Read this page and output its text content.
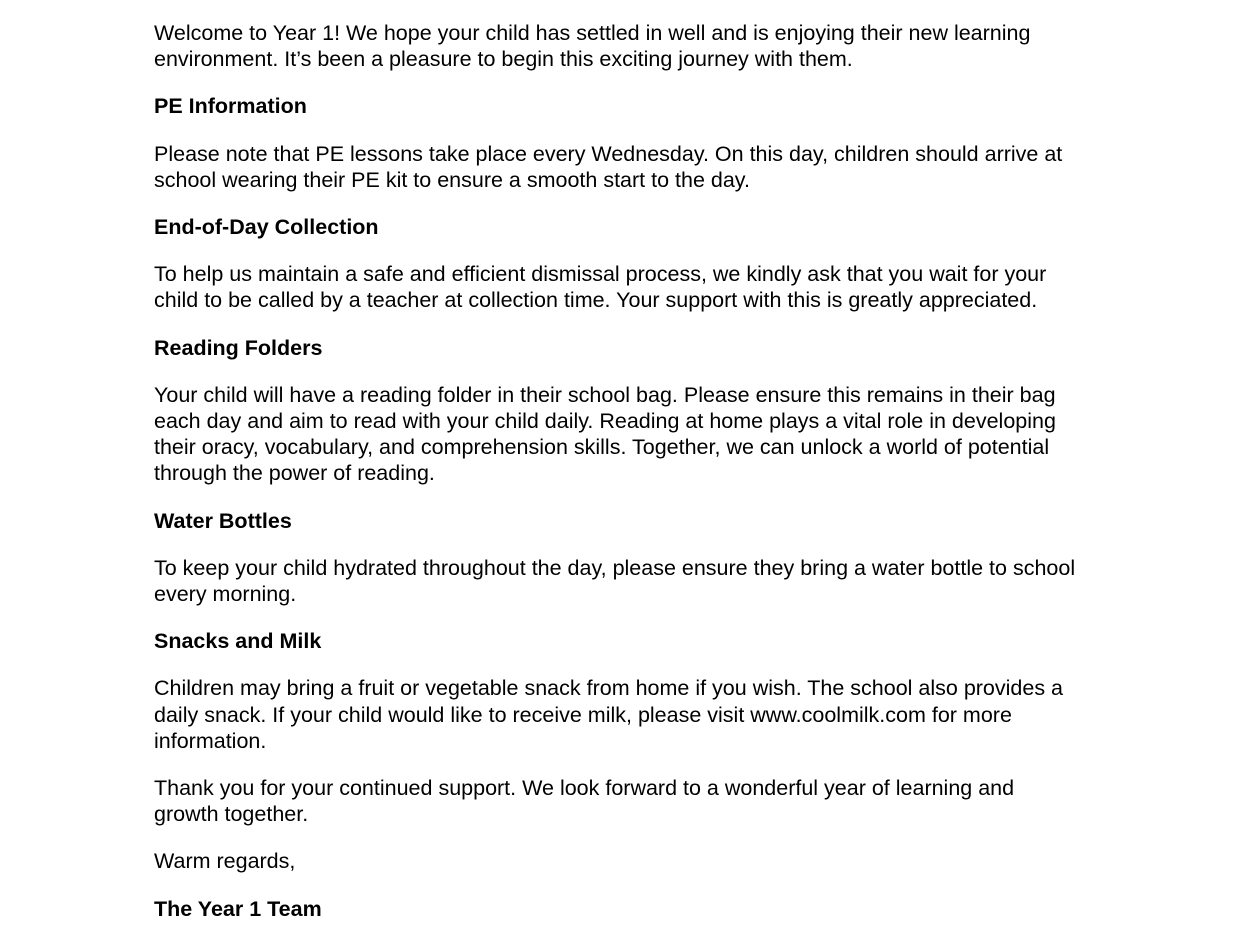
Welcome to Year 1! We hope your child has settled in well and is enjoying their new learning
environment. It’s been a pleasure to begin this exciting journey with them.

PE Information

Please note that PE lessons take place every Wednesday. On this day, children should arrive at
school wearing their PE kit to ensure a smooth start to the day.

End-of-Day Collection

To help us maintain a safe and efficient dismissal process, we kindly ask that you wait for your
child to be called by a teacher at collection time. Your support with this is greatly appreciated.

Reading Folders

Your child will have a reading folder in their school bag. Please ensure this remains in their bag
each day and aim to read with your child daily. Reading at home plays a vital role in developing
their oracy, vocabulary, and comprehension skills. Together, we can unlock a world of potential
through the power of reading.

Water Bottles

To keep your child hydrated throughout the day, please ensure they bring a water bottle to school
every morning.

Snacks and Milk

Children may bring a fruit or vegetable snack from home if you wish. The school also provides a
daily snack. If your child would like to receive milk, please visit www.coolmilk.com for more
information.

Thank you for your continued support. We look forward to a wonderful year of learning and
growth together.

Warm regards,

The Year 1 Team
